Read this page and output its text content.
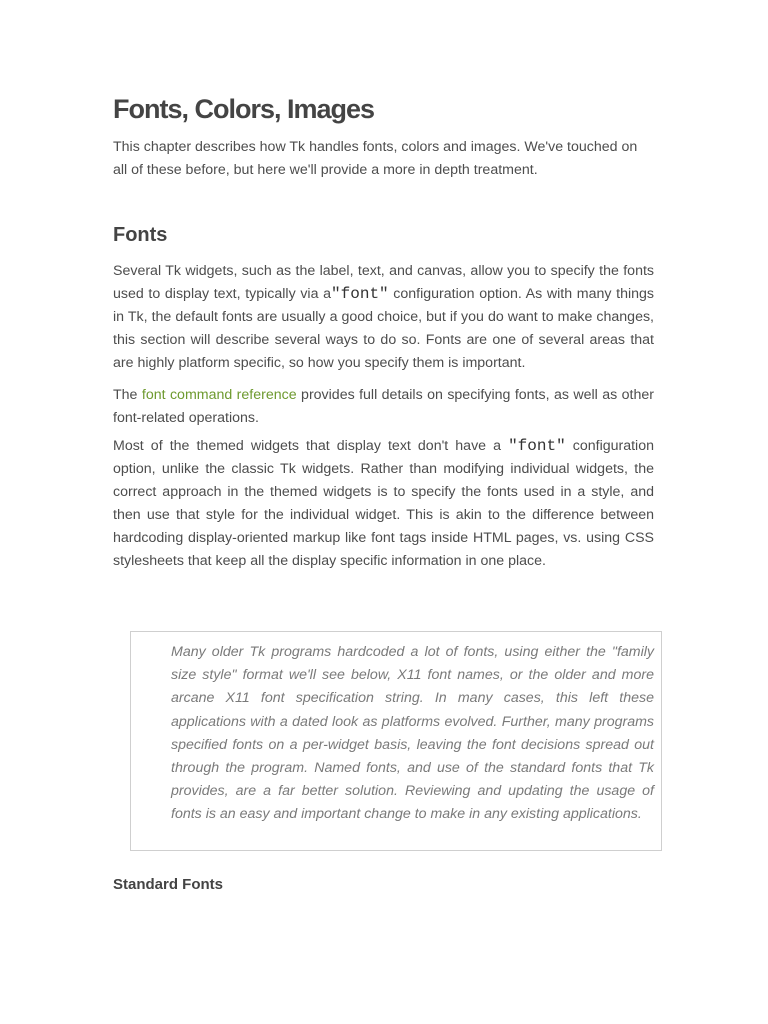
Fonts, Colors, Images

This chapter describes how Tk handles fonts, colors and images. We've touched on all of these before, but here we'll provide a more in depth treatment.

Fonts

Several Tk widgets, such as the label, text, and canvas, allow you to specify the fonts used to display text, typically via a"font" configuration option. As with many things in Tk, the default fonts are usually a good choice, but if you do want to make changes, this section will describe several ways to do so. Fonts are one of several areas that are highly platform specific, so how you specify them is important.

The font command reference provides full details on specifying fonts, as well as other font-related operations.

Most of the themed widgets that display text don't have a "font" configuration option, unlike the classic Tk widgets. Rather than modifying individual widgets, the correct approach in the themed widgets is to specify the fonts used in a style, and then use that style for the individual widget. This is akin to the difference between hardcoding display-oriented markup like font tags inside HTML pages, vs. using CSS stylesheets that keep all the display specific information in one place.

Many older Tk programs hardcoded a lot of fonts, using either the "family size style" format we'll see below, X11 font names, or the older and more arcane X11 font specification string. In many cases, this left these applications with a dated look as platforms evolved. Further, many programs specified fonts on a per-widget basis, leaving the font decisions spread out through the program. Named fonts, and use of the standard fonts that Tk provides, are a far better solution. Reviewing and updating the usage of fonts is an easy and important change to make in any existing applications.

Standard Fonts
